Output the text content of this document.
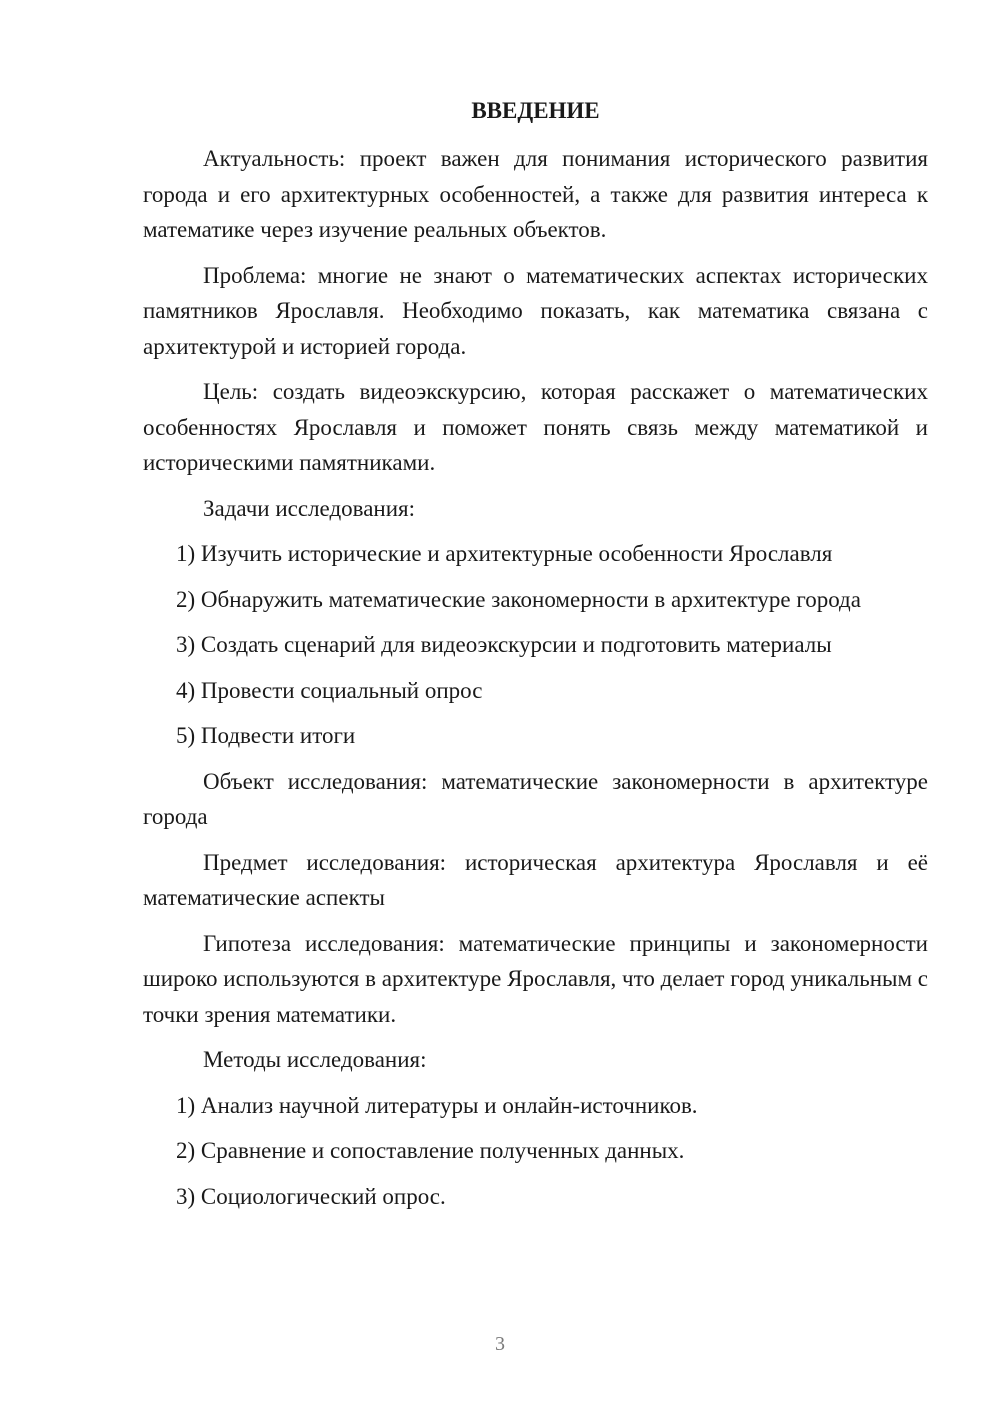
ВВЕДЕНИЕ

Актуальность: проект важен для понимания исторического развития города и его архитектурных особенностей, а также для развития интереса к математике через изучение реальных объектов.

Проблема: многие не знают о математических аспектах исторических памятников Ярославля. Необходимо показать, как математика связана с архитектурой и историей города.

Цель: создать видеоэкскурсию, которая расскажет о математических особенностях Ярославля и поможет понять связь между математикой и историческими памятниками.

Задачи исследования:

1) Изучить исторические и архитектурные особенности Ярославля
2) Обнаружить математические закономерности в архитектуре города
3) Создать сценарий для видеоэкскурсии и подготовить материалы
4) Провести социальный опрос
5) Подвести итоги

Объект исследования: математические закономерности в архитектуре города

Предмет исследования: историческая архитектура Ярославля и её математические аспекты

Гипотеза исследования: математические принципы и закономерности широко используются в архитектуре Ярославля, что делает город уникальным с точки зрения математики.

Методы исследования:

1) Анализ научной литературы и онлайн-источников.
2) Сравнение и сопоставление полученных данных.
3) Социологический опрос.
3
